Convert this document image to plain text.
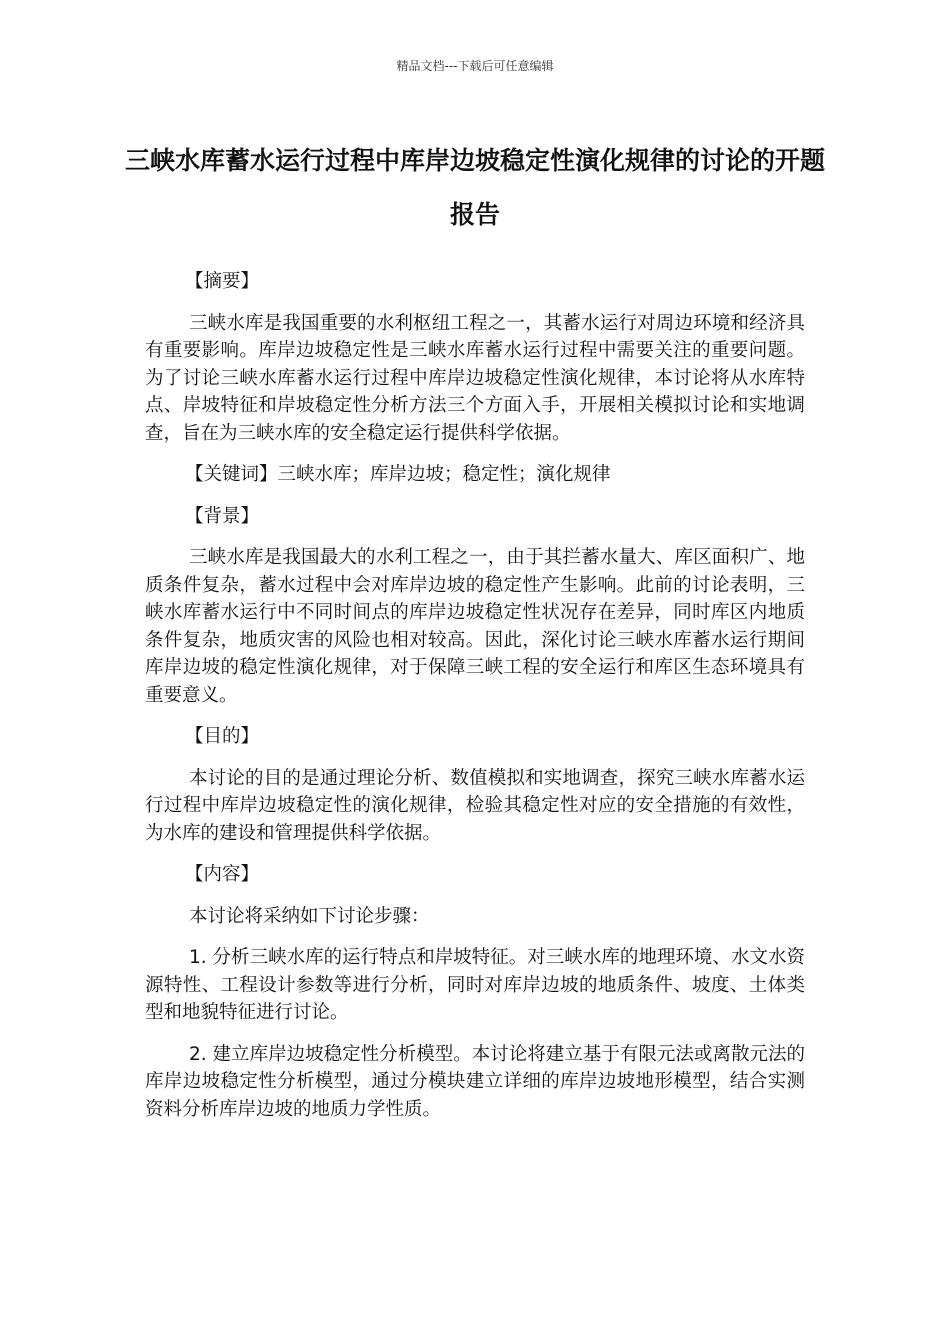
精品文档---下载后可任意编辑
三峡水库蓄水运行过程中库岸边坡稳定性演化规律的讨论的开题报告

【摘要】

三峡水库是我国重要的水利枢纽工程之一，其蓄水运行对周边环境和经济具有重要影响。库岸边坡稳定性是三峡水库蓄水运行过程中需要关注的重要问题。为了讨论三峡水库蓄水运行过程中库岸边坡稳定性演化规律，本讨论将从水库特点、岸坡特征和岸坡稳定性分析方法三个方面入手，开展相关模拟讨论和实地调查，旨在为三峡水库的安全稳定运行提供科学依据。

【关键词】三峡水库；库岸边坡；稳定性；演化规律

【背景】

三峡水库是我国最大的水利工程之一，由于其拦蓄水量大、库区面积广、地质条件复杂，蓄水过程中会对库岸边坡的稳定性产生影响。此前的讨论表明，三峡水库蓄水运行中不同时间点的库岸边坡稳定性状况存在差异，同时库区内地质条件复杂，地质灾害的风险也相对较高。因此，深化讨论三峡水库蓄水运行期间库岸边坡的稳定性演化规律，对于保障三峡工程的安全运行和库区生态环境具有重要意义。

【目的】

本讨论的目的是通过理论分析、数值模拟和实地调查，探究三峡水库蓄水运行过程中库岸边坡稳定性的演化规律，检验其稳定性对应的安全措施的有效性，为水库的建设和管理提供科学依据。

【内容】

本讨论将采纳如下讨论步骤：

1. 分析三峡水库的运行特点和岸坡特征。对三峡水库的地理环境、水文水资源特性、工程设计参数等进行分析，同时对库岸边坡的地质条件、坡度、土体类型和地貌特征进行讨论。

2. 建立库岸边坡稳定性分析模型。本讨论将建立基于有限元法或离散元法的库岸边坡稳定性分析模型，通过分模块建立详细的库岸边坡地形模型，结合实测资料分析库岸边坡的地质力学性质。
